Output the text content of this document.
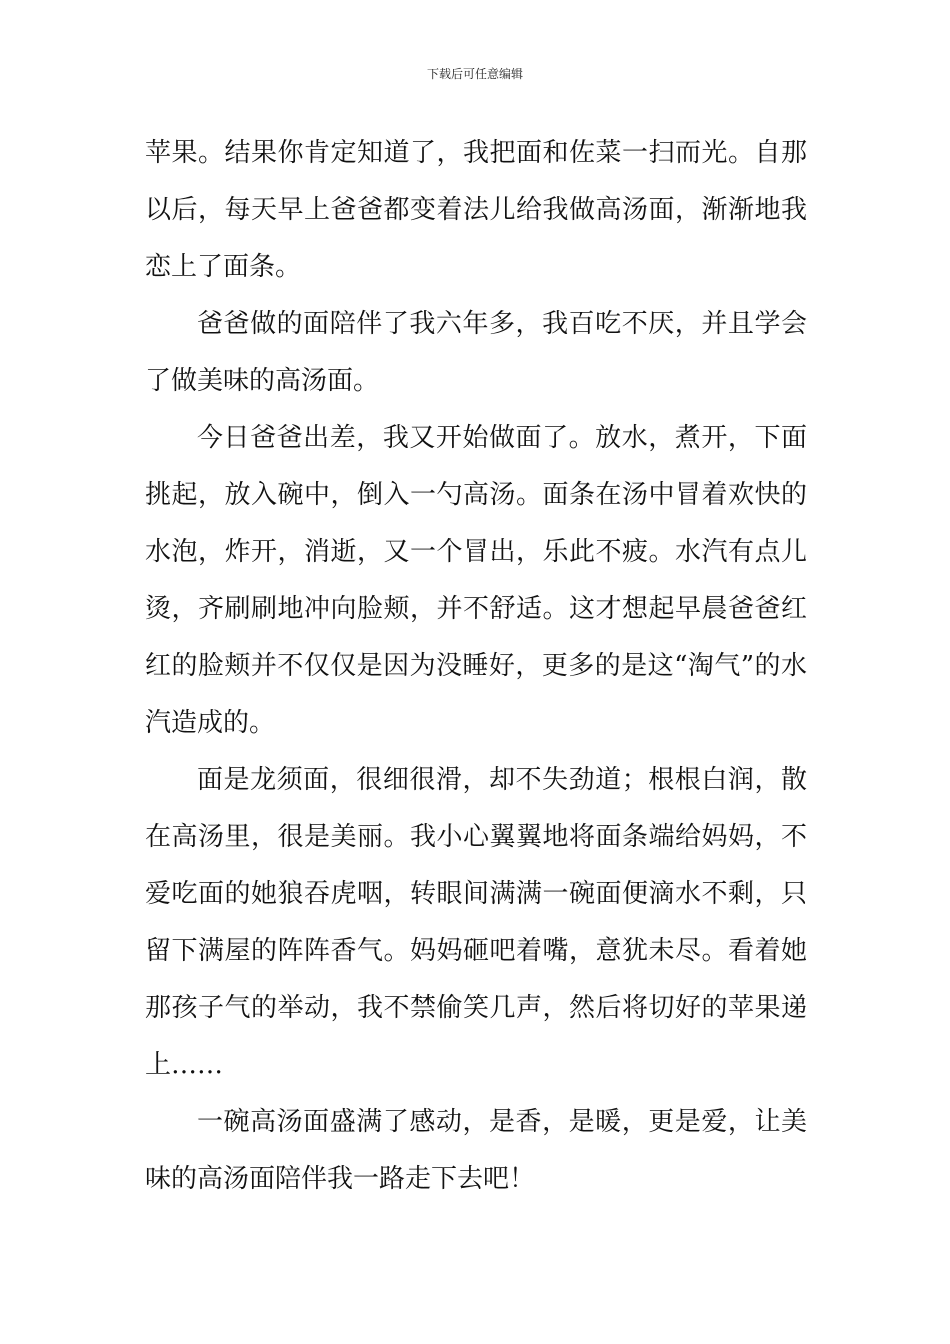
下载后可任意编辑

苹果。结果你肯定知道了，我把面和佐菜一扫而光。自那以后，每天早上爸爸都变着法儿给我做高汤面，渐渐地我恋上了面条。

爸爸做的面陪伴了我六年多，我百吃不厌，并且学会了做美味的高汤面。

今日爸爸出差，我又开始做面了。放水，煮开，下面挑起，放入碗中，倒入一勺高汤。面条在汤中冒着欢快的水泡，炸开，消逝，又一个冒出，乐此不疲。水汽有点儿烫，齐刷刷地冲向脸颊，并不舒适。这才想起早晨爸爸红红的脸颊并不仅仅是因为没睡好，更多的是这“淘气”的水汽造成的。

面是龙须面，很细很滑，却不失劲道；根根白润，散在高汤里，很是美丽。我小心翼翼地将面条端给妈妈，不爱吃面的她狼吞虎咽，转眼间满满一碗面便滴水不剩，只留下满屋的阵阵香气。妈妈砸吧着嘴，意犹未尽。看着她那孩子气的举动，我不禁偷笑几声，然后将切好的苹果递上……

一碗高汤面盛满了感动，是香，是暖，更是爱，让美味的高汤面陪伴我一路走下去吧！
